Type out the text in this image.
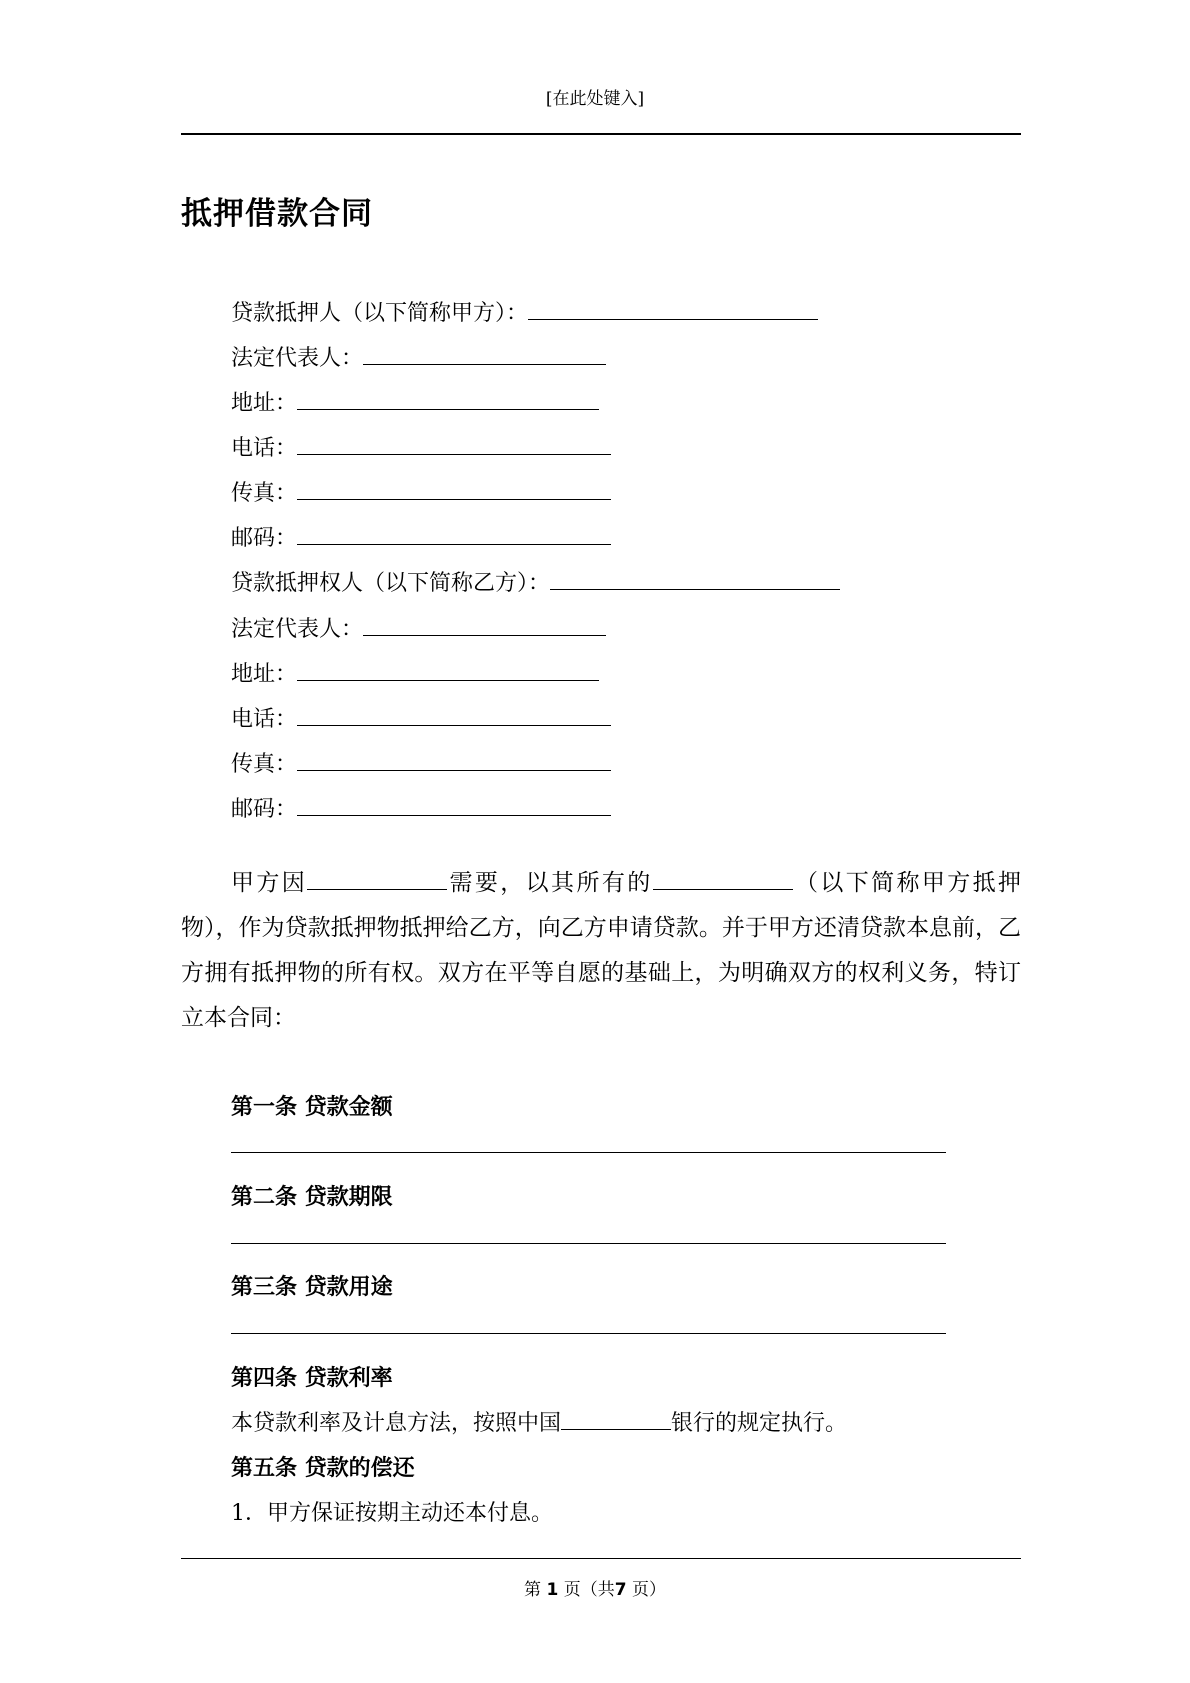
[在此处键入]
抵押借款合同
贷款抵押人（以下简称甲方）：
法定代表人：
地址：
电话：
传真：
邮码：
贷款抵押权人（以下简称乙方）：
法定代表人：
地址：
电话：
传真：
邮码：
甲方因	需要，以其所有的	（以下简称甲方抵押物），作为贷款抵押物抵押给乙方，向乙方申请贷款。并于甲方还清贷款本息前，乙方拥有抵押物的所有权。双方在平等自愿的基础上，为明确双方的权利义务，特订立本合同：
第一条 贷款金额
第二条 贷款期限
第三条 贷款用途
第四条 贷款利率
本贷款利率及计息方法，按照中国	银行的规定执行。
第五条 贷款的偿还
1．甲方保证按期主动还本付息。
第 1 页（共7 页）
